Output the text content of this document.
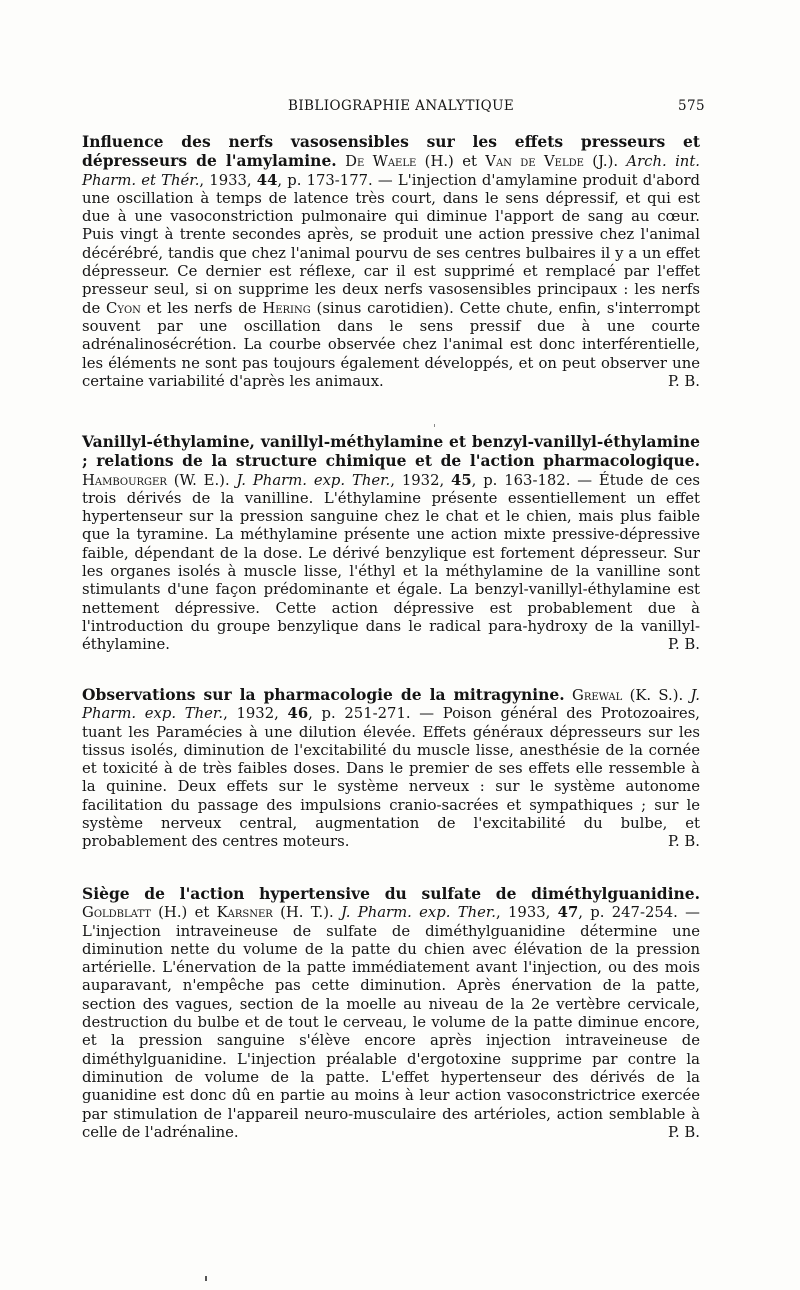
BIBLIOGRAPHIE ANALYTIQUE	575

Influence des nerfs vasosensibles sur les effets presseurs et dépresseurs de l'amylamine. De Waele (H.) et Van de Velde (J.). Arch. int. Pharm. et Thér., 1933, 44, p. 173-177. — L'injection d'amylamine produit d'abord une oscillation à temps de latence très court, dans le sens dépressif, et qui est due à une vasoconstriction pulmonaire qui diminue l'apport de sang au cœur. Puis vingt à trente secondes après, se produit une action pressive chez l'animal décérébré, tandis que chez l'animal pourvu de ses centres bulbaires il y a un effet dépresseur. Ce dernier est réflexe, car il est supprimé et remplacé par l'effet presseur seul, si on supprime les deux nerfs vasosensibles principaux : les nerfs de Cyon et les nerfs de Hering (sinus carotidien). Cette chute, enfin, s'interrompt souvent par une oscillation dans le sens pressif due à une courte adrénalinosécrétion. La courbe observée chez l'animal est donc interférentielle, les éléments ne sont pas toujours également développés, et on peut observer une certaine variabilité d'après les animaux.	P. B.

Vanillyl-éthylamine, vanillyl-méthylamine et benzyl-vanillyl-éthylamine ; relations de la structure chimique et de l'action pharmacologique. Hambourger (W. E.). J. Pharm. exp. Ther., 1932, 45, p. 163-182. — Étude de ces trois dérivés de la vanilline. L'éthylamine présente essentiellement un effet hypertenseur sur la pression sanguine chez le chat et le chien, mais plus faible que la tyramine. La méthylamine présente une action mixte pressive-dépressive faible, dépendant de la dose. Le dérivé benzylique est fortement dépresseur. Sur les organes isolés à muscle lisse, l'éthyl et la méthylamine de la vanilline sont stimulants d'une façon prédominante et égale. La benzyl-vanillyl-éthylamine est nettement dépressive. Cette action dépressive est probablement due à l'introduction du groupe benzylique dans le radical para-hydroxy de la vanillyl-éthylamine.	P. B.

Observations sur la pharmacologie de la mitragynine. Grewal (K. S.). J. Pharm. exp. Ther., 1932, 46, p. 251-271. — Poison général des Protozoaires, tuant les Paramécies à une dilution élevée. Effets généraux dépresseurs sur les tissus isolés, diminution de l'excitabilité du muscle lisse, anesthésie de la cornée et toxicité à de très faibles doses. Dans le premier de ses effets elle ressemble à la quinine. Deux effets sur le système nerveux : sur le système autonome facilitation du passage des impulsions cranio-sacrées et sympathiques ; sur le système nerveux central, augmentation de l'excitabilité du bulbe, et probablement des centres moteurs.	P. B.

Siège de l'action hypertensive du sulfate de diméthylguanidine. Goldblatt (H.) et Karsner (H. T.). J. Pharm. exp. Ther., 1933, 47, p. 247-254. — L'injection intraveineuse de sulfate de diméthylguanidine détermine une diminution nette du volume de la patte du chien avec élévation de la pression artérielle. L'énervation de la patte immédiatement avant l'injection, ou des mois auparavant, n'empêche pas cette diminution. Après énervation de la patte, section des vagues, section de la moelle au niveau de la 2e vertèbre cervicale, destruction du bulbe et de tout le cerveau, le volume de la patte diminue encore, et la pression sanguine s'élève encore après injection intraveineuse de diméthylguanidine. L'injection préalable d'ergotoxine supprime par contre la diminution de volume de la patte. L'effet hypertenseur des dérivés de la guanidine est donc dû en partie au moins à leur action vasoconstrictrice exercée par stimulation de l'appareil neuro-musculaire des artérioles, action semblable à celle de l'adrénaline.	P. B.
